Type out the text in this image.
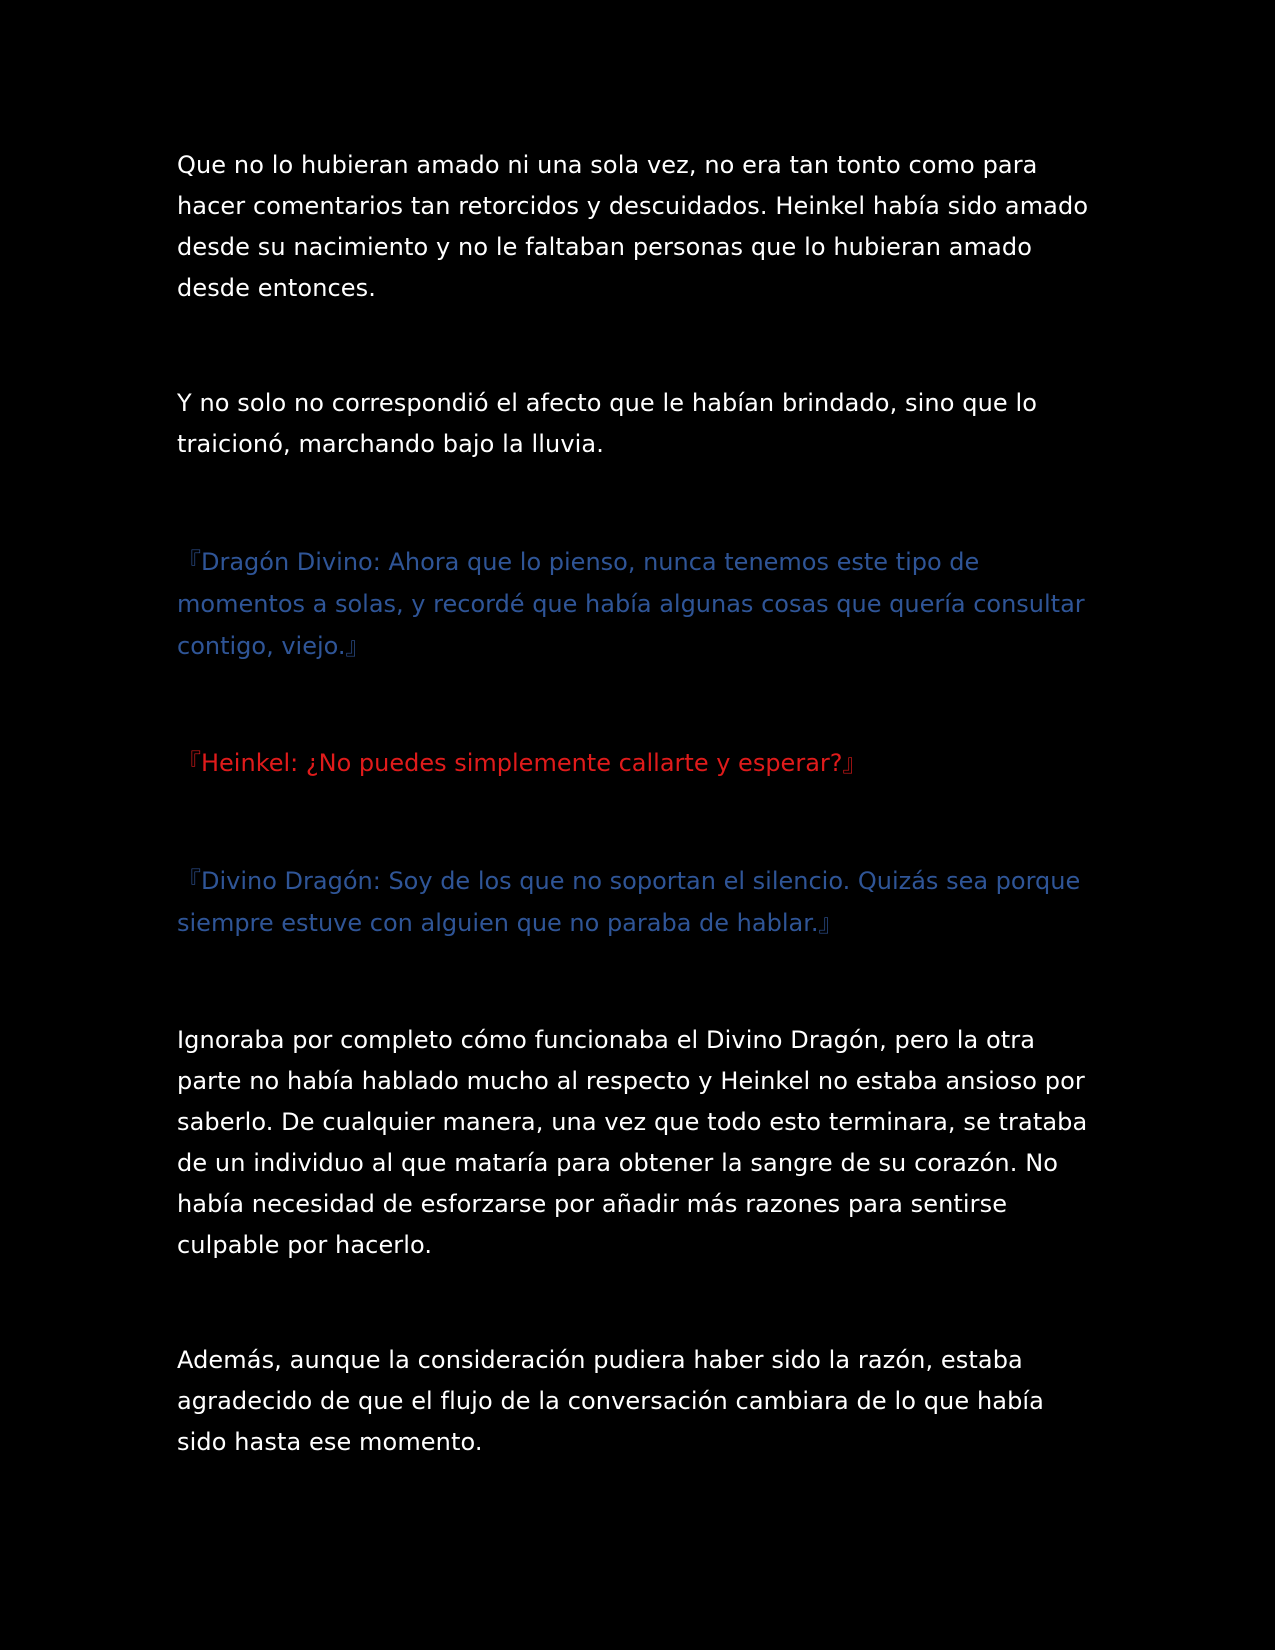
Que no lo hubieran amado ni una sola vez, no era tan tonto como para hacer comentarios tan retorcidos y descuidados. Heinkel había sido amado desde su nacimiento y no le faltaban personas que lo hubieran amado desde entonces.

Y no solo no correspondió el afecto que le habían brindado, sino que lo traicionó, marchando bajo la lluvia.

『Dragón Divino: Ahora que lo pienso, nunca tenemos este tipo de momentos a solas, y recordé que había algunas cosas que quería consultar contigo, viejo.』

『Heinkel: ¿No puedes simplemente callarte y esperar?』

『Divino Dragón: Soy de los que no soportan el silencio. Quizás sea porque siempre estuve con alguien que no paraba de hablar.』

Ignoraba por completo cómo funcionaba el Divino Dragón, pero la otra parte no había hablado mucho al respecto y Heinkel no estaba ansioso por saberlo. De cualquier manera, una vez que todo esto terminara, se trataba de un individuo al que mataría para obtener la sangre de su corazón. No había necesidad de esforzarse por añadir más razones para sentirse culpable por hacerlo.

Además, aunque la consideración pudiera haber sido la razón, estaba agradecido de que el flujo de la conversación cambiara de lo que había sido hasta ese momento.
